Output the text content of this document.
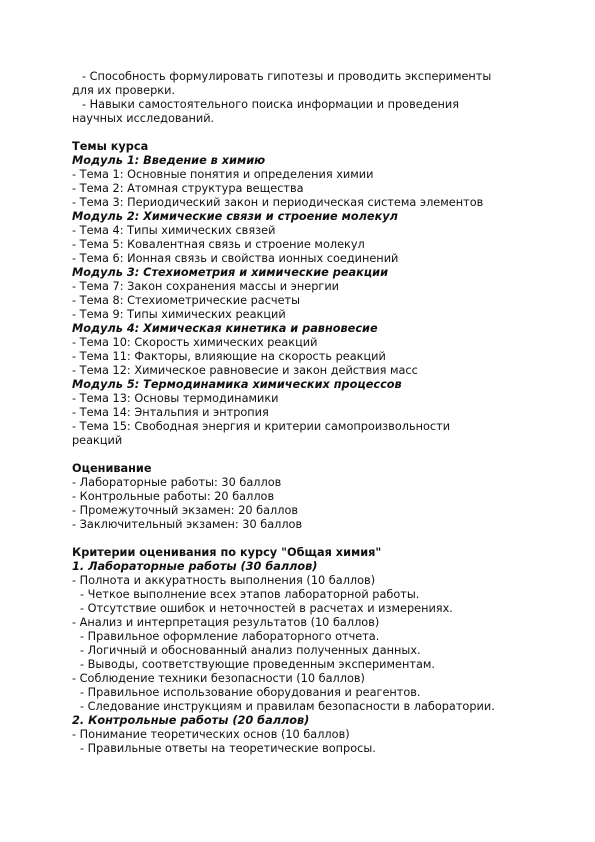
- Способность формулировать гипотезы и проводить эксперименты
для их проверки.
- Навыки самостоятельного поиска информации и проведения
научных исследований.
Темы курса
Модуль 1: Введение в химию
- Тема 1: Основные понятия и определения химии
- Тема 2: Атомная структура вещества
- Тема 3: Периодический закон и периодическая система элементов
Модуль 2: Химические связи и строение молекул
- Тема 4: Типы химических связей
- Тема 5: Ковалентная связь и строение молекул
- Тема 6: Ионная связь и свойства ионных соединений
Модуль 3: Стехиометрия и химические реакции
- Тема 7: Закон сохранения массы и энергии
- Тема 8: Стехиометрические расчеты
- Тема 9: Типы химических реакций
Модуль 4: Химическая кинетика и равновесие
- Тема 10: Скорость химических реакций
- Тема 11: Факторы, влияющие на скорость реакций
- Тема 12: Химическое равновесие и закон действия масс
Модуль 5: Термодинамика химических процессов
- Тема 13: Основы термодинамики
- Тема 14: Энтальпия и энтропия
- Тема 15: Свободная энергия и критерии самопроизвольности
реакций
Оценивание
- Лабораторные работы: 30 баллов
- Контрольные работы: 20 баллов
- Промежуточный экзамен: 20 баллов
- Заключительный экзамен: 30 баллов
Критерии оценивания по курсу "Общая химия"
1. Лабораторные работы (30 баллов)
- Полнота и аккуратность выполнения (10 баллов)
- Четкое выполнение всех этапов лабораторной работы.
- Отсутствие ошибок и неточностей в расчетах и измерениях.
- Анализ и интерпретация результатов (10 баллов)
- Правильное оформление лабораторного отчета.
- Логичный и обоснованный анализ полученных данных.
- Выводы, соответствующие проведенным экспериментам.
- Соблюдение техники безопасности (10 баллов)
- Правильное использование оборудования и реагентов.
- Следование инструкциям и правилам безопасности в лаборатории.
2. Контрольные работы (20 баллов)
- Понимание теоретических основ (10 баллов)
- Правильные ответы на теоретические вопросы.
